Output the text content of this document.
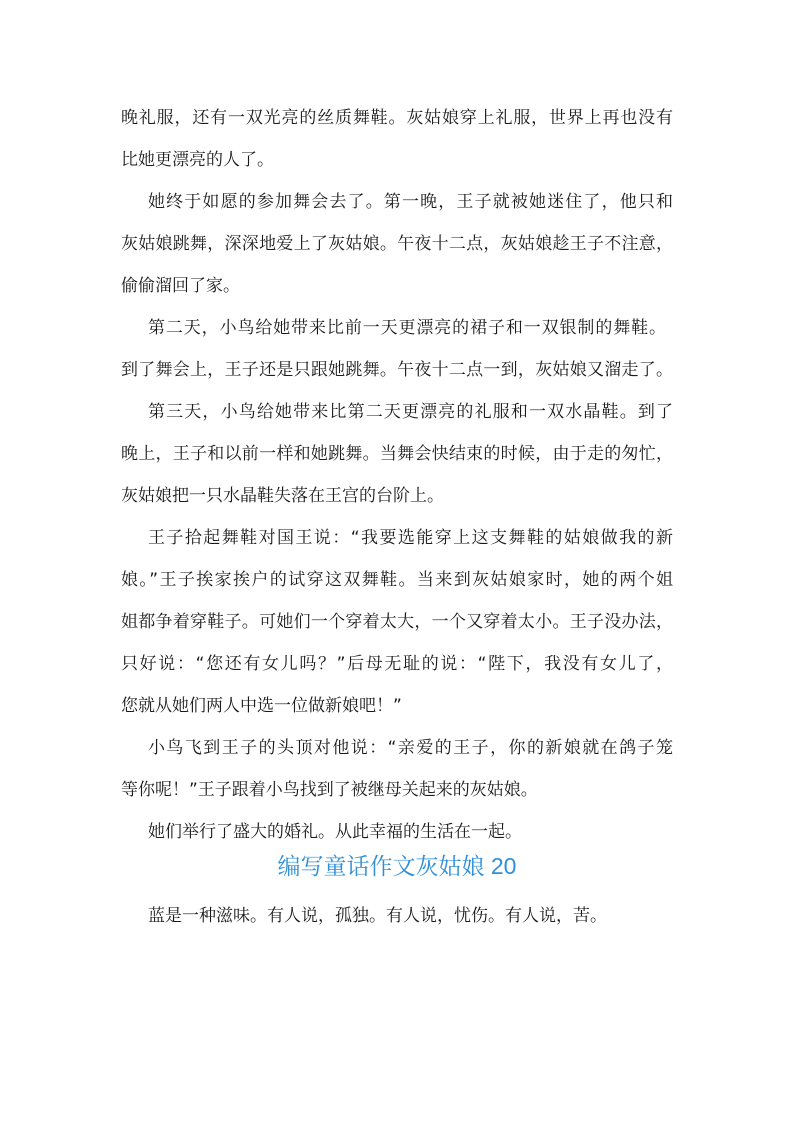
晚礼服，还有一双光亮的丝质舞鞋。灰姑娘穿上礼服，世界上再也没有
比她更漂亮的人了。
她终于如愿的参加舞会去了。第一晚，王子就被她迷住了，他只和
灰姑娘跳舞，深深地爱上了灰姑娘。午夜十二点，灰姑娘趁王子不注意，
偷偷溜回了家。
第二天，小鸟给她带来比前一天更漂亮的裙子和一双银制的舞鞋。
到了舞会上，王子还是只跟她跳舞。午夜十二点一到，灰姑娘又溜走了。
第三天，小鸟给她带来比第二天更漂亮的礼服和一双水晶鞋。到了
晚上，王子和以前一样和她跳舞。当舞会快结束的时候，由于走的匆忙，
灰姑娘把一只水晶鞋失落在王宫的台阶上。
王子拾起舞鞋对国王说：“我要选能穿上这支舞鞋的姑娘做我的新
娘。”王子挨家挨户的试穿这双舞鞋。当来到灰姑娘家时，她的两个姐
姐都争着穿鞋子。可她们一个穿着太大，一个又穿着太小。王子没办法，
只好说：“您还有女儿吗？”后母无耻的说：“陛下，我没有女儿了，
您就从她们两人中选一位做新娘吧！”
小鸟飞到王子的头顶对他说：“亲爱的王子，你的新娘就在鸽子笼
等你呢！”王子跟着小鸟找到了被继母关起来的灰姑娘。
她们举行了盛大的婚礼。从此幸福的生活在一起。
编写童话作文灰姑娘 20
蓝是一种滋味。有人说，孤独。有人说，忧伤。有人说，苦。
